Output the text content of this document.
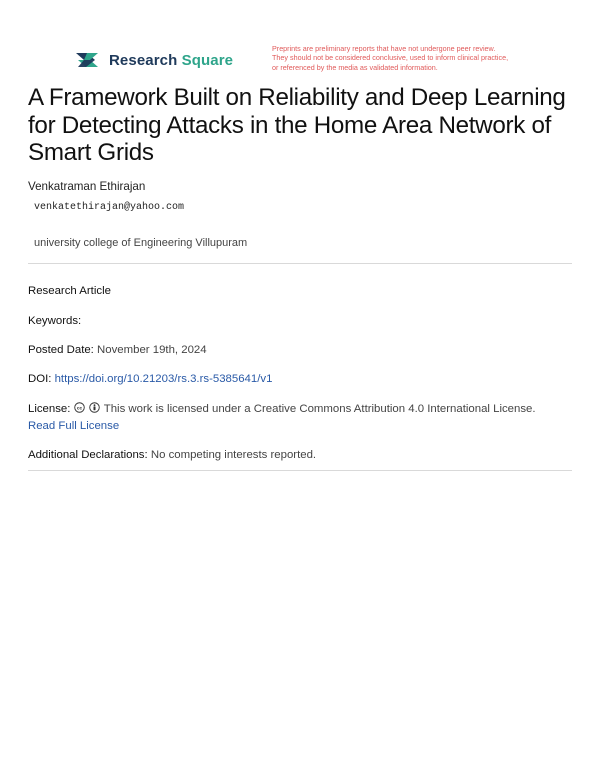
Research Square
Preprints are preliminary reports that have not undergone peer review.
They should not be considered conclusive, used to inform clinical practice,
or referenced by the media as validated information.
A Framework Built on Reliability and Deep Learning
for Detecting Attacks in the Home Area Network of
Smart Grids
Venkatraman Ethirajan
venkatethirajan@yahoo.com
university college of Engineering Villupuram
Research Article
Keywords:
Posted Date: November 19th, 2024
DOI: https://doi.org/10.21203/rs.3.rs-5385641/v1
License: cc This work is licensed under a Creative Commons Attribution 4.0 International License.
Read Full License
Additional Declarations: No competing interests reported.
